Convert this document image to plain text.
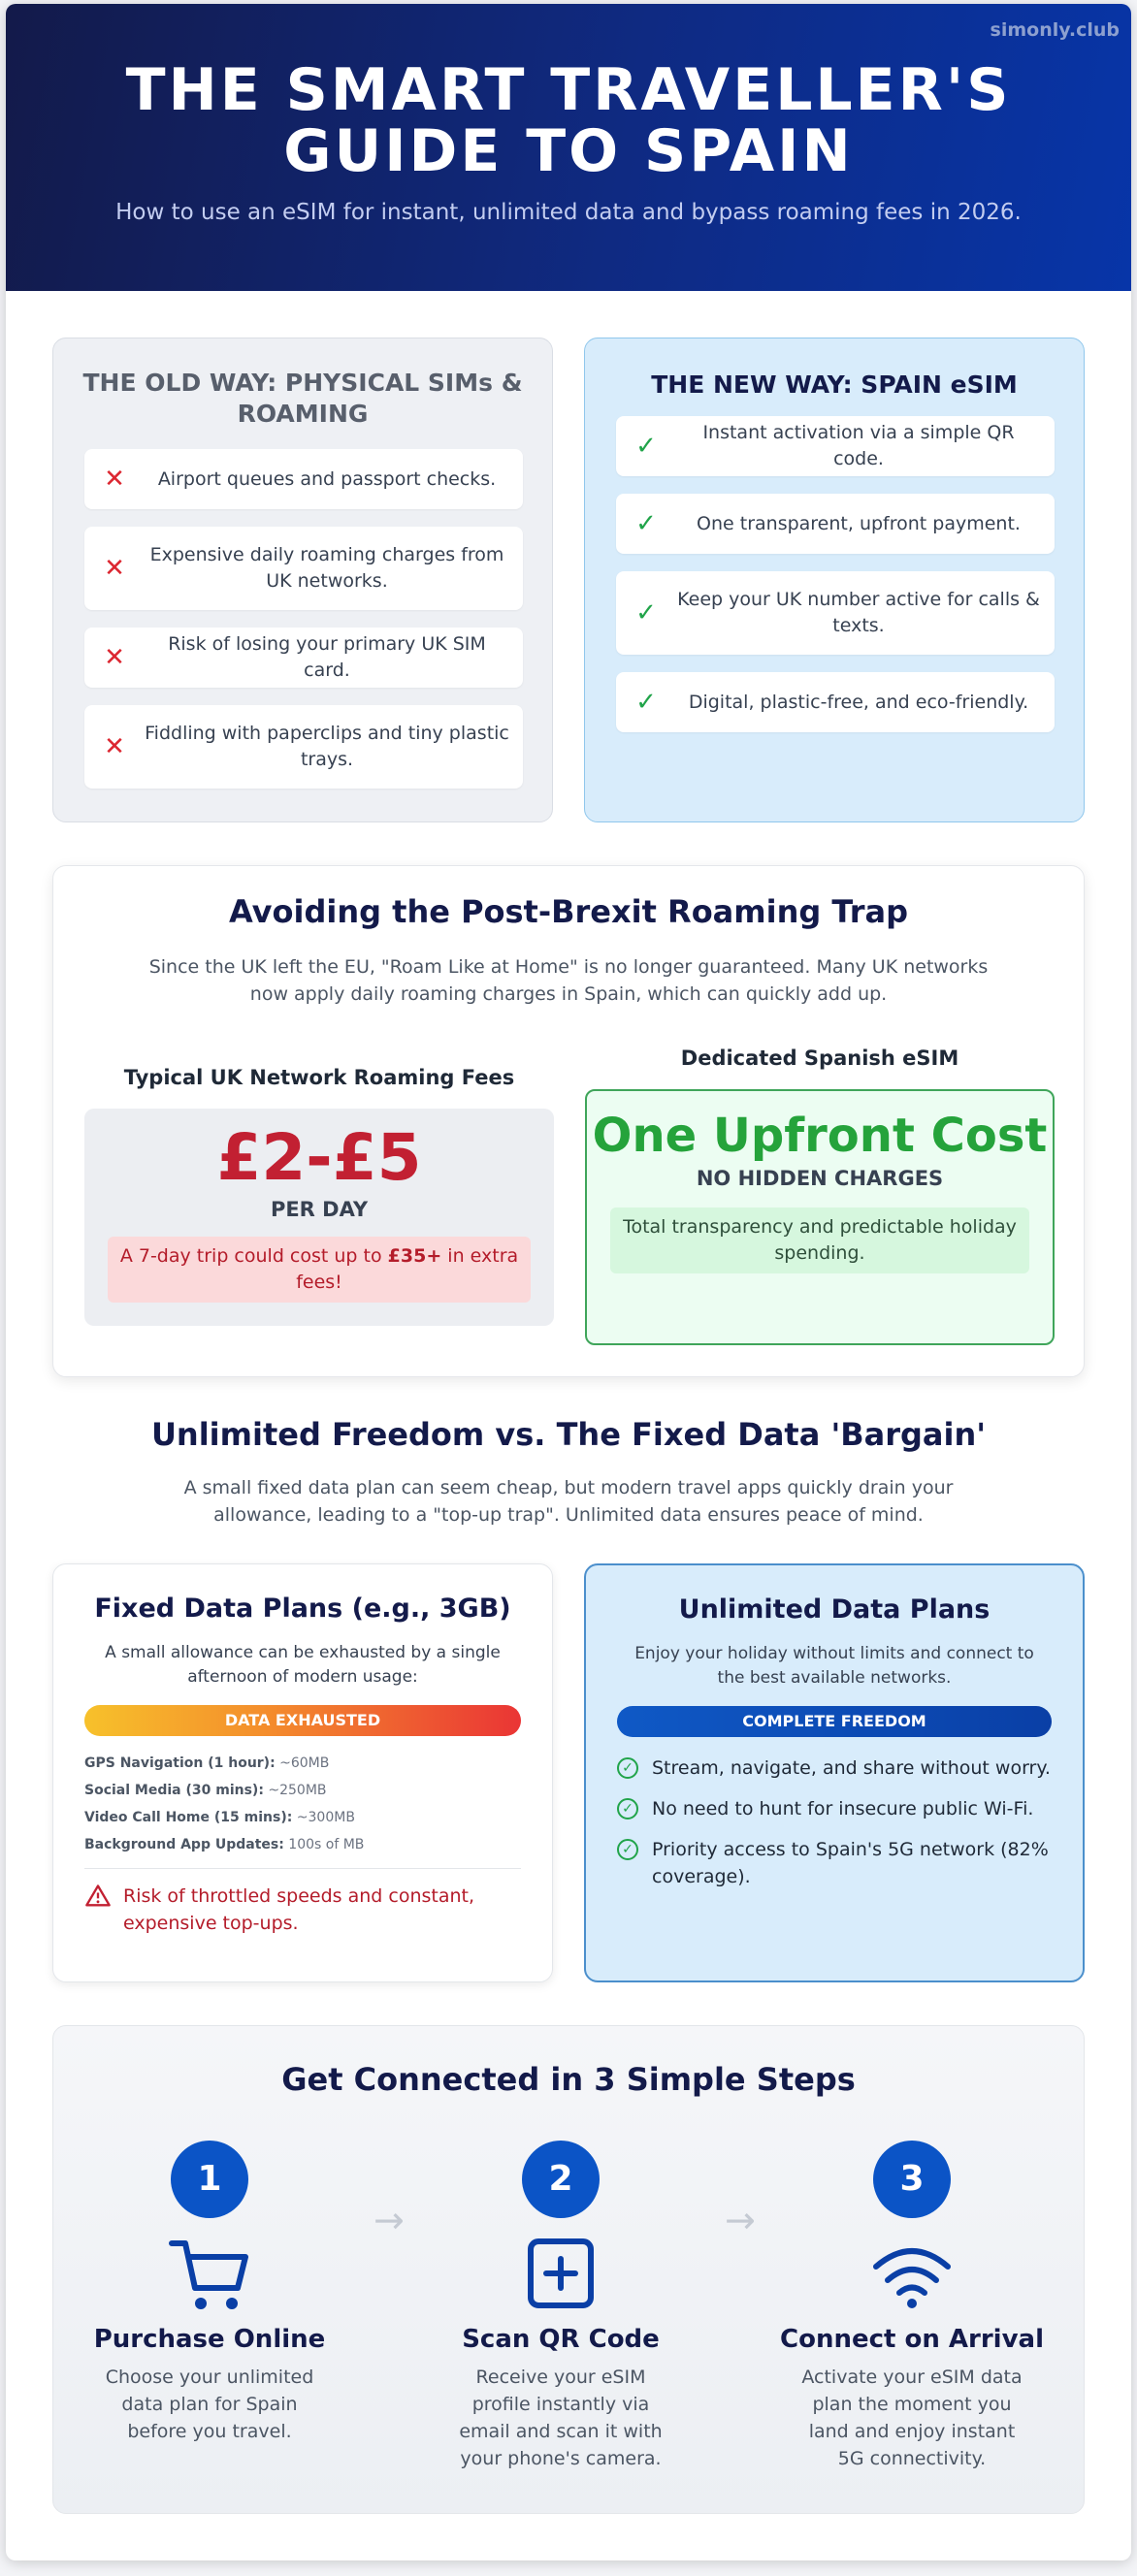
simonly.club
THE SMART TRAVELLER'S
GUIDE TO SPAIN
How to use an eSIM for instant, unlimited data and bypass roaming fees in 2026.
THE OLD WAY: PHYSICAL SIMs & ROAMING
✕	Airport queues and passport checks.
✕	Expensive daily roaming charges from UK networks.
✕	Risk of losing your primary UK SIM card.
✕	Fiddling with paperclips and tiny plastic trays.
THE NEW WAY: SPAIN eSIM
✓	Instant activation via a simple QR code.
✓	One transparent, upfront payment.
✓	Keep your UK number active for calls & texts.
✓	Digital, plastic-free, and eco-friendly.
Avoiding the Post-Brexit Roaming Trap
Since the UK left the EU, "Roam Like at Home" is no longer guaranteed. Many UK networks now apply daily roaming charges in Spain, which can quickly add up.
Typical UK Network Roaming Fees
£2-£5
PER DAY
A 7-day trip could cost up to £35+ in extra fees!
Dedicated Spanish eSIM
One Upfront Cost
NO HIDDEN CHARGES
Total transparency and predictable holiday spending.
Unlimited Freedom vs. The Fixed Data 'Bargain'
A small fixed data plan can seem cheap, but modern travel apps quickly drain your allowance, leading to a "top-up trap". Unlimited data ensures peace of mind.
Fixed Data Plans (e.g., 3GB)
A small allowance can be exhausted by a single afternoon of modern usage:
DATA EXHAUSTED
GPS Navigation (1 hour): ~60MB
Social Media (30 mins): ~250MB
Video Call Home (15 mins): ~300MB
Background App Updates: 100s of MB
Risk of throttled speeds and constant, expensive top-ups.
Unlimited Data Plans
Enjoy your holiday without limits and connect to the best available networks.
COMPLETE FREEDOM
✓	Stream, navigate, and share without worry.
✓	No need to hunt for insecure public Wi-Fi.
✓	Priority access to Spain's 5G network (82% coverage).
Get Connected in 3 Simple Steps
1
Purchase Online
Choose your unlimited data plan for Spain before you travel.
→
2
Scan QR Code
Receive your eSIM profile instantly via email and scan it with your phone's camera.
→
3
Connect on Arrival
Activate your eSIM data plan the moment you land and enjoy instant 5G connectivity.
